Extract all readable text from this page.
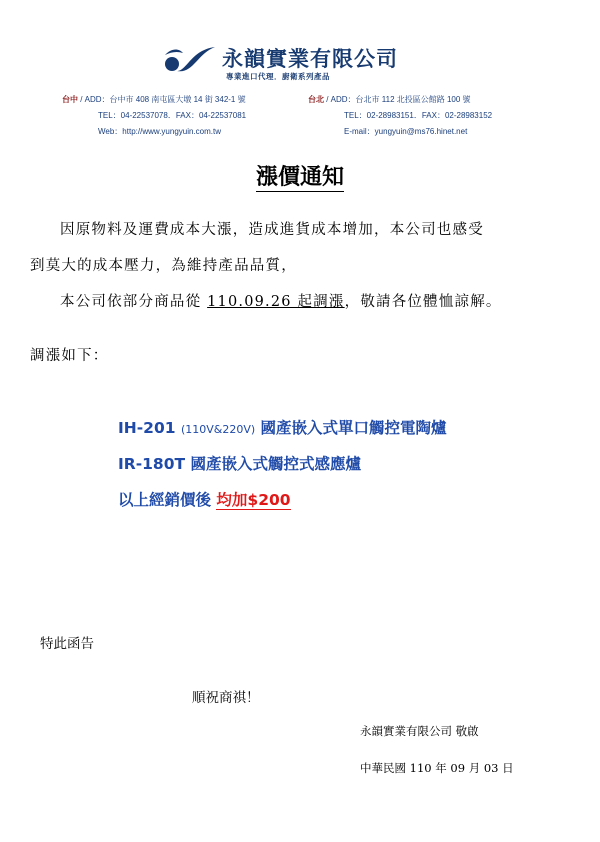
永韻實業有限公司
專業進口代理．廚衛系列產品
台中 / ADD：台中市 408 南屯區大墩 14 街 342-1 號
TEL：04-22537078．FAX：04-22537081
Web：http://www.yungyuin.com.tw
台北 / ADD：台北市 112 北投區公館路 100 號
TEL：02-28983151．FAX：02-28983152
E-mail：yungyuin@ms76.hinet.net
漲價通知
因原物料及運費成本大漲，造成進貨成本增加，本公司也感受
到莫大的成本壓力，為維持產品品質，
本公司依部分商品從 110.09.26 起調漲，敬請各位體恤諒解。
調漲如下：
IH-201 (110V&220V) 國產嵌入式單口觸控電陶爐
IR-180T 國產嵌入式觸控式感應爐
以上經銷價後 均加$200
特此函告
順祝商祺！
永韻實業有限公司 敬啟
中華民國 110 年 09 月 03 日
